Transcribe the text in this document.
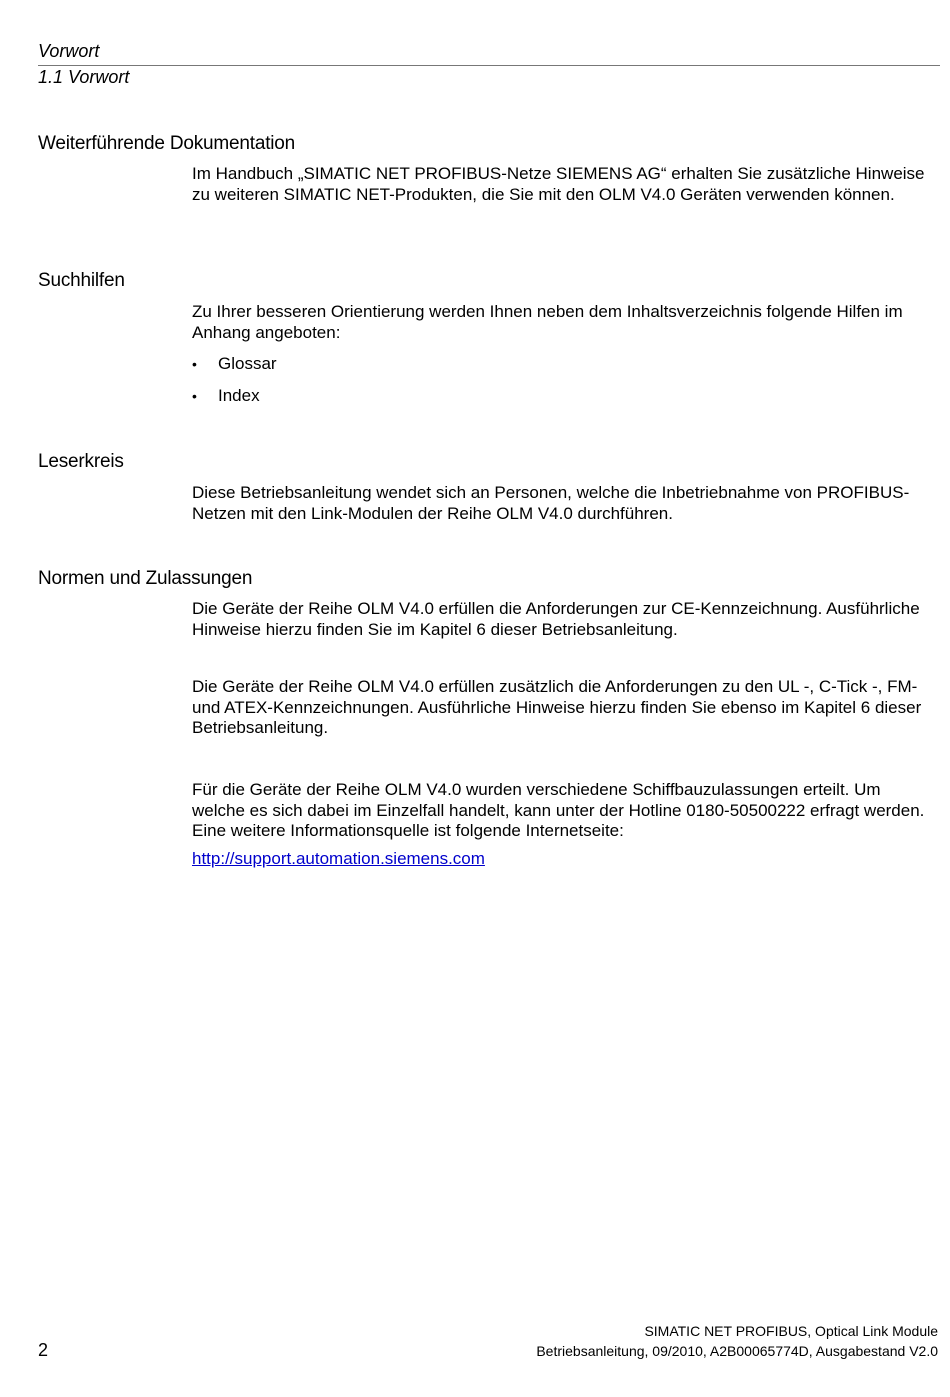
Vorwort
1.1 Vorwort
Weiterführende Dokumentation
Im Handbuch „SIMATIC NET PROFIBUS-Netze SIEMENS AG“ erhalten Sie zusätzliche Hinweise zu weiteren SIMATIC NET-Produkten, die Sie mit den OLM V4.0 Geräten verwenden können.
Suchhilfen
Zu Ihrer besseren Orientierung werden Ihnen neben dem Inhaltsverzeichnis folgende Hilfen im Anhang angeboten:
• Glossar
• Index
Leserkreis
Diese Betriebsanleitung wendet sich an Personen, welche die Inbetriebnahme von PROFIBUS-Netzen mit den Link-Modulen der Reihe OLM V4.0 durchführen.
Normen und Zulassungen
Die Geräte der Reihe OLM V4.0 erfüllen die Anforderungen zur CE-Kennzeichnung. Ausführliche Hinweise hierzu finden Sie im Kapitel 6 dieser Betriebsanleitung.
Die Geräte der Reihe OLM V4.0 erfüllen zusätzlich die Anforderungen zu den UL -, C-Tick -, FM- und ATEX-Kennzeichnungen. Ausführliche Hinweise hierzu finden Sie ebenso im Kapitel 6 dieser Betriebsanleitung.
Für die Geräte der Reihe OLM V4.0 wurden verschiedene Schiffbauzulassungen erteilt. Um welche es sich dabei im Einzelfall handelt, kann unter der Hotline 0180-50500222 erfragt werden. Eine weitere Informationsquelle ist folgende Internetseite:
http://support.automation.siemens.com
2
SIMATIC NET PROFIBUS, Optical Link Module
Betriebsanleitung, 09/2010, A2B00065774D, Ausgabestand V2.0
